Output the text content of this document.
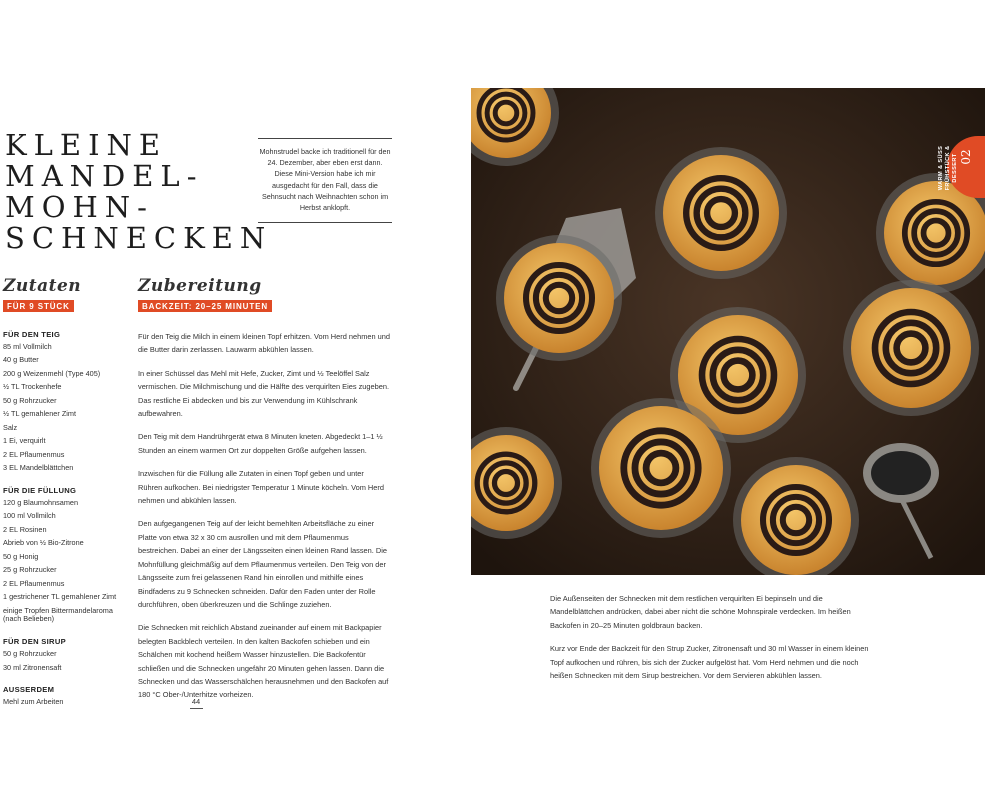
KLEINE
MANDEL-
MOHN-
SCHNECKEN
Mohnstrudel backe ich traditionell für den 24. Dezember, aber eben erst dann. Diese Mini-Version habe ich mir ausgedacht für den Fall, dass die Sehnsucht nach Weihnachten schon im Herbst anklopft.
Zutaten
FÜR 9 STÜCK
FÜR DEN TEIG
85 ml Vollmilch
40 g Butter
200 g Weizenmehl (Type 405)
½ TL Trockenhefe
50 g Rohrzucker
½ TL gemahlener Zimt
Salz
1 Ei, verquirlt
2 EL Pflaumenmus
3 EL Mandelblättchen
FÜR DIE FÜLLUNG
120 g Blaumohnsamen
100 ml Vollmilch
2 EL Rosinen
Abrieb von ½ Bio-Zitrone
50 g Honig
25 g Rohrzucker
2 EL Pflaumenmus
1 gestrichener TL gemahlener Zimt
einige Tropfen Bittermandelaroma (nach Belieben)
FÜR DEN SIRUP
50 g Rohrzucker
30 ml Zitronensaft
AUSSERDEM
Mehl zum Arbeiten
Zubereitung
BACKZEIT: 20–25 MINUTEN

Für den Teig die Milch in einem kleinen Topf erhitzen. Vom Herd nehmen und die Butter darin zerlassen. Lauwarm abkühlen lassen.

In einer Schüssel das Mehl mit Hefe, Zucker, Zimt und ½ Teelöffel Salz vermischen. Die Milchmischung und die Hälfte des verquirlten Eies zugeben. Das restliche Ei abdecken und bis zur Verwendung im Kühlschrank aufbewahren.

Den Teig mit dem Handrührgerät etwa 8 Minuten kneten. Abgedeckt 1–1 ½ Stunden an einem warmen Ort zur doppelten Größe aufgehen lassen.

Inzwischen für die Füllung alle Zutaten in einen Topf geben und unter Rühren aufkochen. Bei niedrigster Temperatur 1 Minute köcheln. Vom Herd nehmen und abkühlen lassen.

Den aufgegangenen Teig auf der leicht bemehlten Arbeitsfläche zu einer Platte von etwa 32 x 30 cm ausrollen und mit dem Pflaumenmus bestreichen. Dabei an einer der Längsseiten einen kleinen Rand lassen. Die Mohnfüllung gleichmäßig auf dem Pflaumenmus verteilen. Den Teig von der Längsseite zum frei gelassenen Rand hin einrollen und mithilfe eines Bindfadens zu 9 Schnecken schneiden. Dafür den Faden unter der Rolle durchführen, oben überkreuzen und die Schlinge zuziehen.

Die Schnecken mit reichlich Abstand zueinander auf einem mit Backpapier belegten Backblech verteilen. In den kalten Backofen schieben und ein Schälchen mit kochend heißem Wasser hinzustellen. Die Backofentür schließen und die Schnecken ungefähr 20 Minuten gehen lassen. Dann die Schnecken und das Wasserschälchen herausnehmen und den Backofen auf 180 °C Ober-/Unterhitze vorheizen.

44
02
WARM & SÜSS
FRÜHSTÜCK &
DESSERT

Die Außenseiten der Schnecken mit dem restlichen verquirlten Ei bepinseln und die Mandelblättchen andrücken, dabei aber nicht die schöne Mohnspirale verdecken. Im heißen Backofen in 20–25 Minuten goldbraun backen.

Kurz vor Ende der Backzeit für den Strup Zucker, Zitronensaft und 30 ml Wasser in einem kleinen Topf aufkochen und rühren, bis sich der Zucker aufgelöst hat. Vom Herd nehmen und die noch heißen Schnecken mit dem Sirup bestreichen. Vor dem Servieren abkühlen lassen.
